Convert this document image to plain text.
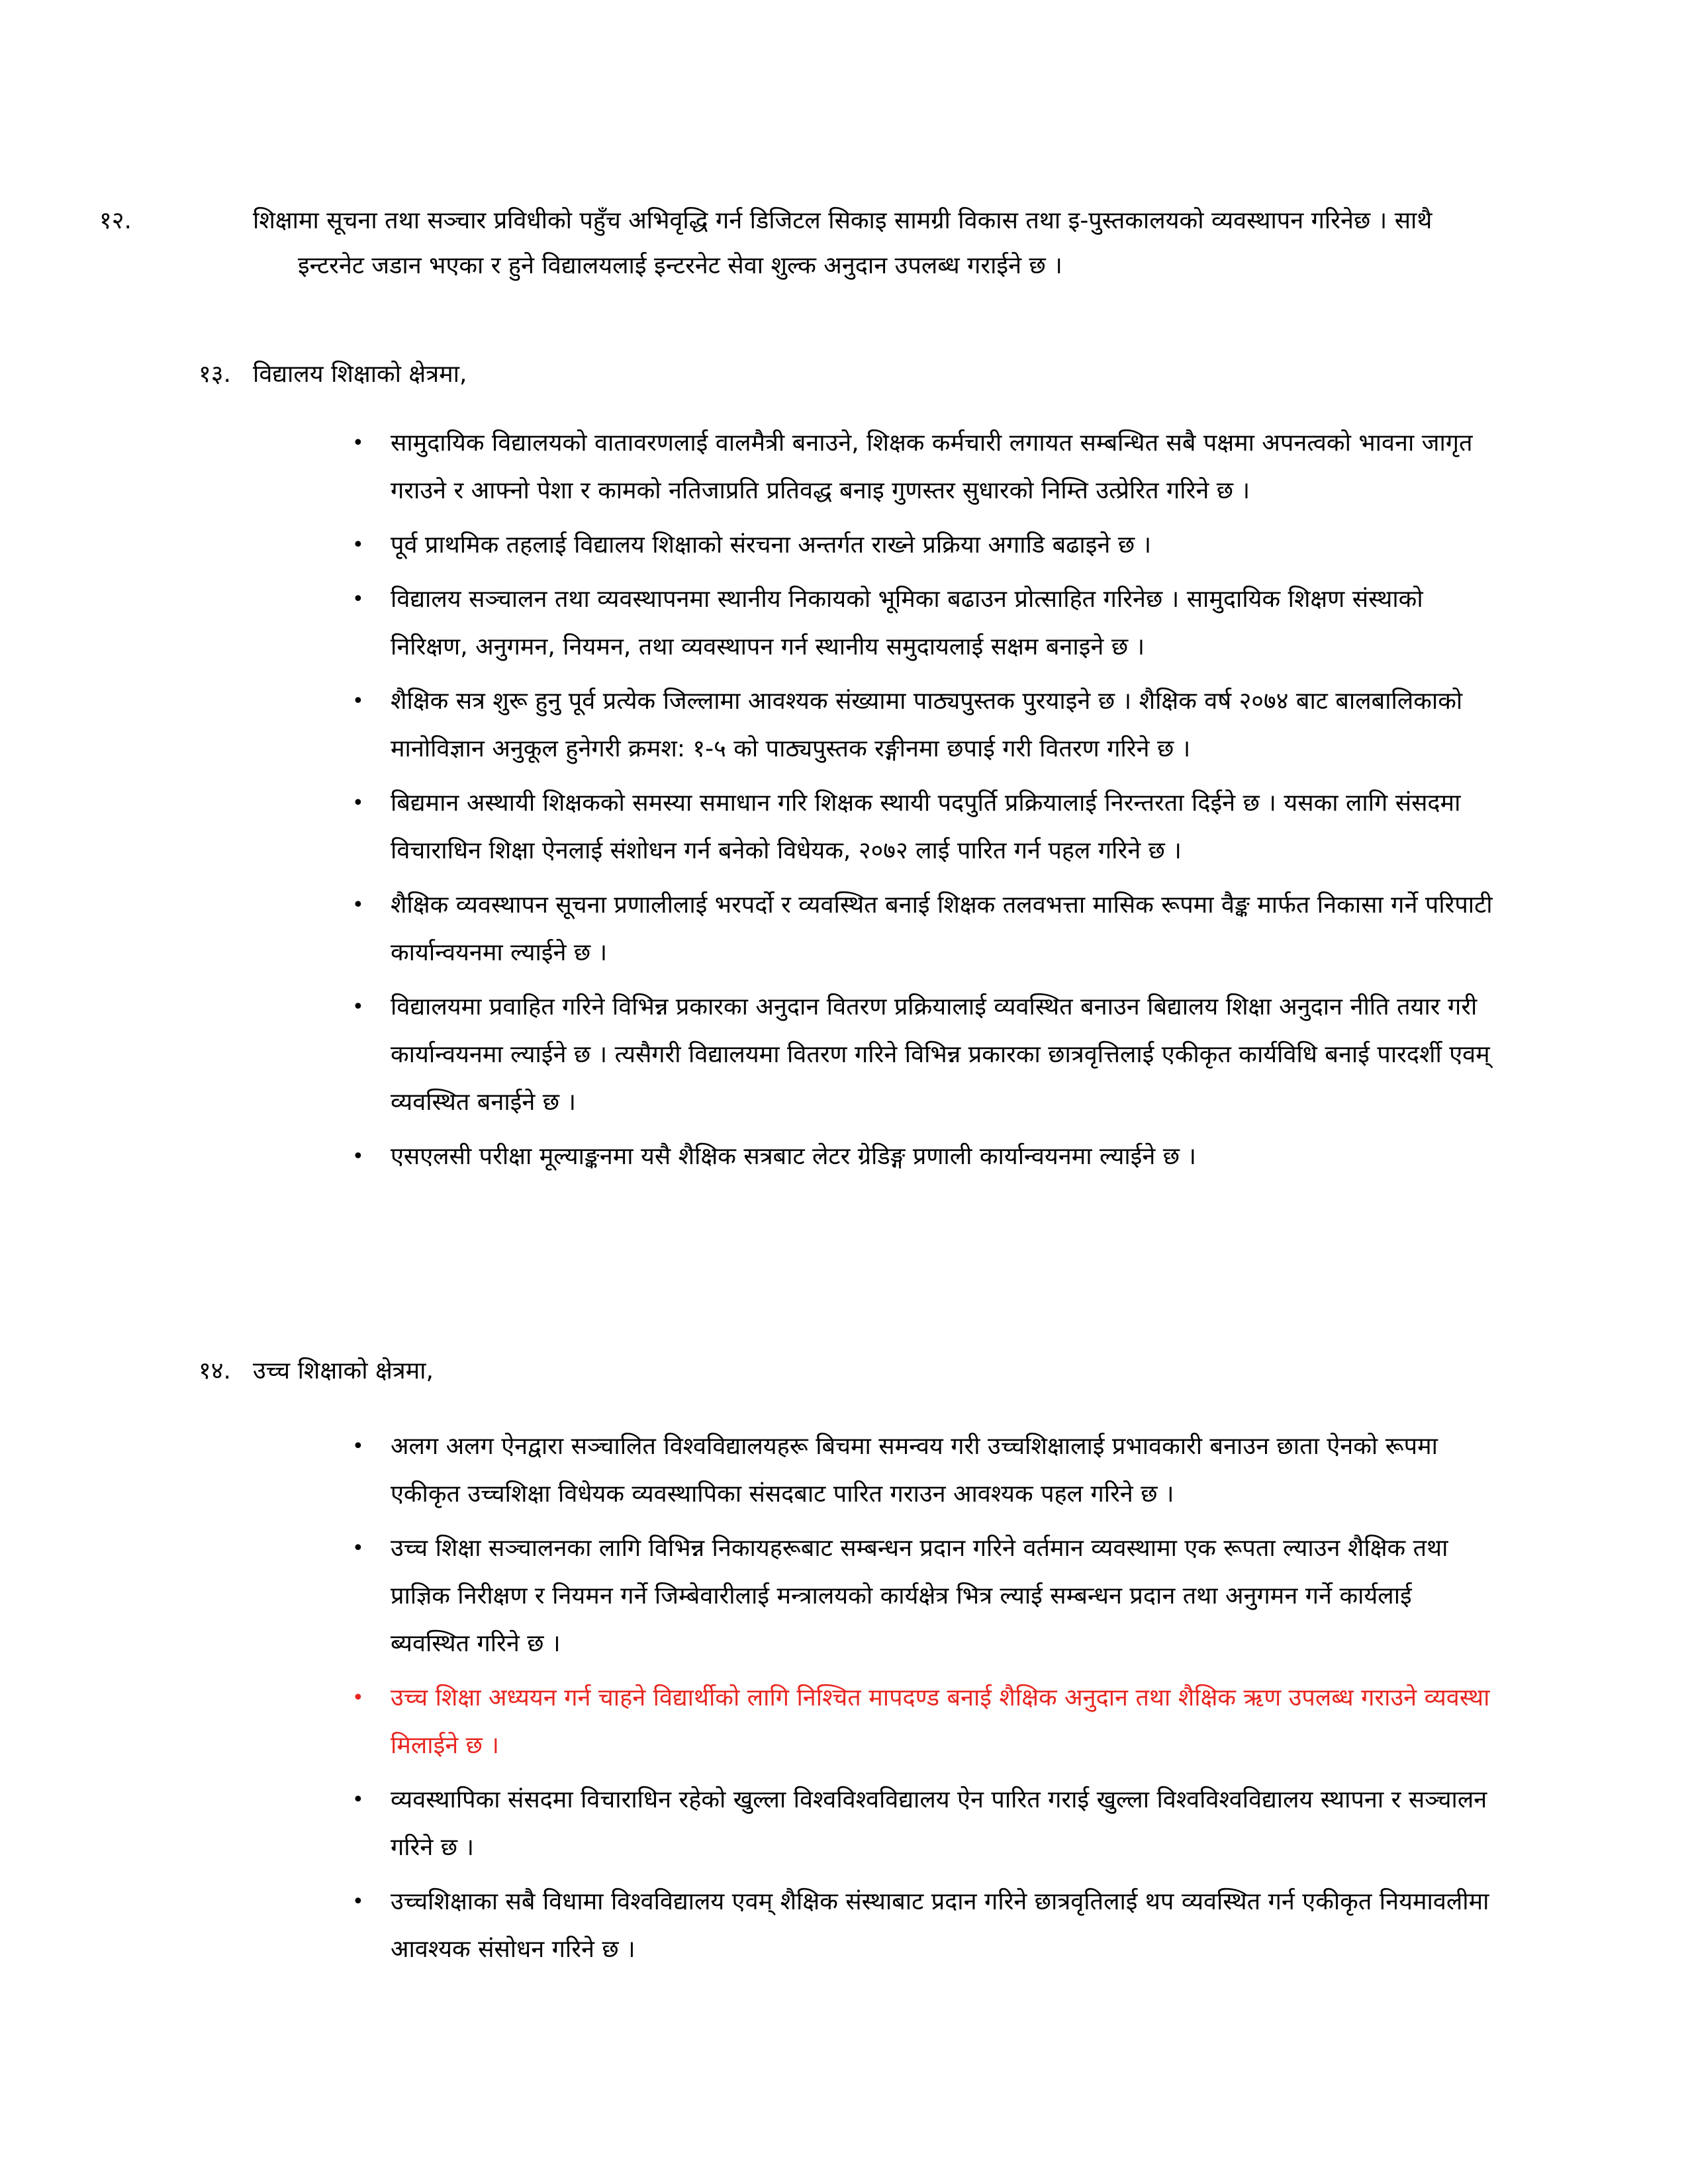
१२.	शिक्षामा सूचना तथा सञ्चार प्रविधीको पहुँच अभिवृद्धि गर्न डिजिटल सिकाइ सामग्री विकास तथा इ-पुस्तकालयको व्यवस्थापन गरिनेछ । साथै इन्टरनेट जडान भएका र हुने विद्यालयलाई इन्टरनेट सेवा शुल्क अनुदान उपलब्ध गराईने छ ।
१३. विद्यालय शिक्षाको क्षेत्रमा,
• सामुदायिक विद्यालयको वातावरणलाई वालमैत्री बनाउने, शिक्षक कर्मचारी लगायत सम्बन्धित सबै पक्षमा अपनत्वको भावना जागृत गराउने र आफ्नो पेशा र कामको नतिजाप्रति प्रतिवद्ध बनाइ गुणस्तर सुधारको निम्ति उत्प्रेरित गरिने छ ।
• पूर्व प्राथमिक तहलाई विद्यालय शिक्षाको संरचना अन्तर्गत राख्ने प्रक्रिया अगाडि बढाइने छ ।
• विद्यालय सञ्चालन तथा व्यवस्थापनमा स्थानीय निकायको भूमिका बढाउन प्रोत्साहित गरिनेछ । सामुदायिक शिक्षण संस्थाको निरिक्षण, अनुगमन, नियमन, तथा व्यवस्थापन गर्न स्थानीय समुदायलाई सक्षम बनाइने छ ।
• शैक्षिक सत्र शुरू हुनु पूर्व प्रत्येक जिल्लामा आवश्यक संख्यामा पाठ्यपुस्तक पुरयाइने छ । शैक्षिक वर्ष २०७४ बाट बालबालिकाको मानोविज्ञान अनुकूल हुनेगरी क्रमश: १-५ को पाठ्यपुस्तक रङ्गीनमा छपाई गरी वितरण गरिने छ ।
• बिद्यमान अस्थायी शिक्षकको समस्या समाधान गरि शिक्षक स्थायी पदपुर्ति प्रक्रियालाई निरन्तरता दिईने छ । यसका लागि संसदमा विचाराधिन शिक्षा ऐनलाई संशोधन गर्न बनेको विधेयक, २०७२ लाई पारित गर्न पहल गरिने छ ।
• शैक्षिक व्यवस्थापन सूचना प्रणालीलाई भरपर्दो र व्यवस्थित बनाई शिक्षक तलवभत्ता मासिक रूपमा वैङ्क मार्फत निकासा गर्ने परिपाटी कार्यान्वयनमा ल्याईने छ ।
• विद्यालयमा प्रवाहित गरिने विभिन्न प्रकारका अनुदान वितरण प्रक्रियालाई व्यवस्थित बनाउन बिद्यालय शिक्षा अनुदान नीति तयार गरी कार्यान्वयनमा ल्याईने छ । त्यसैगरी विद्यालयमा वितरण गरिने विभिन्न प्रकारका छात्रवृत्तिलाई एकीकृत कार्यविधि बनाई पारदर्शी एवम् व्यवस्थित बनाईने छ ।
• एसएलसी परीक्षा मूल्याङ्कनमा यसै शैक्षिक सत्रबाट लेटर ग्रेडिङ्ग प्रणाली कार्यान्वयनमा ल्याईने छ ।
१४. उच्च शिक्षाको क्षेत्रमा,
• अलग अलग ऐनद्वारा सञ्चालित विश्वविद्यालयहरू बिचमा समन्वय गरी उच्चशिक्षालाई प्रभावकारी बनाउन छाता ऐनको रूपमा एकीकृत उच्चशिक्षा विधेयक व्यवस्थापिका संसदबाट पारित गराउन आवश्यक पहल गरिने छ ।
• उच्च शिक्षा सञ्चालनका लागि विभिन्न निकायहरूबाट सम्बन्धन प्रदान गरिने वर्तमान व्यवस्थामा एक रूपता ल्याउन शैक्षिक तथा प्राज्ञिक निरीक्षण र नियमन गर्ने जिम्बेवारीलाई मन्त्रालयको कार्यक्षेत्र भित्र ल्याई सम्बन्धन प्रदान तथा अनुगमन गर्ने कार्यलाई ब्यवस्थित गरिने छ ।
• उच्च शिक्षा अध्ययन गर्न चाहने विद्यार्थीको लागि निश्चित मापदण्ड बनाई शैक्षिक अनुदान तथा शैक्षिक ऋण उपलब्ध गराउने व्यवस्था मिलाईने छ ।
• व्यवस्थापिका संसदमा विचाराधिन रहेको खुल्ला विश्वविश्वविद्यालय ऐन पारित गराई खुल्ला विश्वविश्वविद्यालय स्थापना र सञ्चालन गरिने छ ।
• उच्चशिक्षाका सबै विधामा विश्वविद्यालय एवम् शैक्षिक संस्थाबाट प्रदान गरिने छात्रवृतिलाई थप व्यवस्थित गर्न एकीकृत नियमावलीमा आवश्यक संसोधन गरिने छ ।
